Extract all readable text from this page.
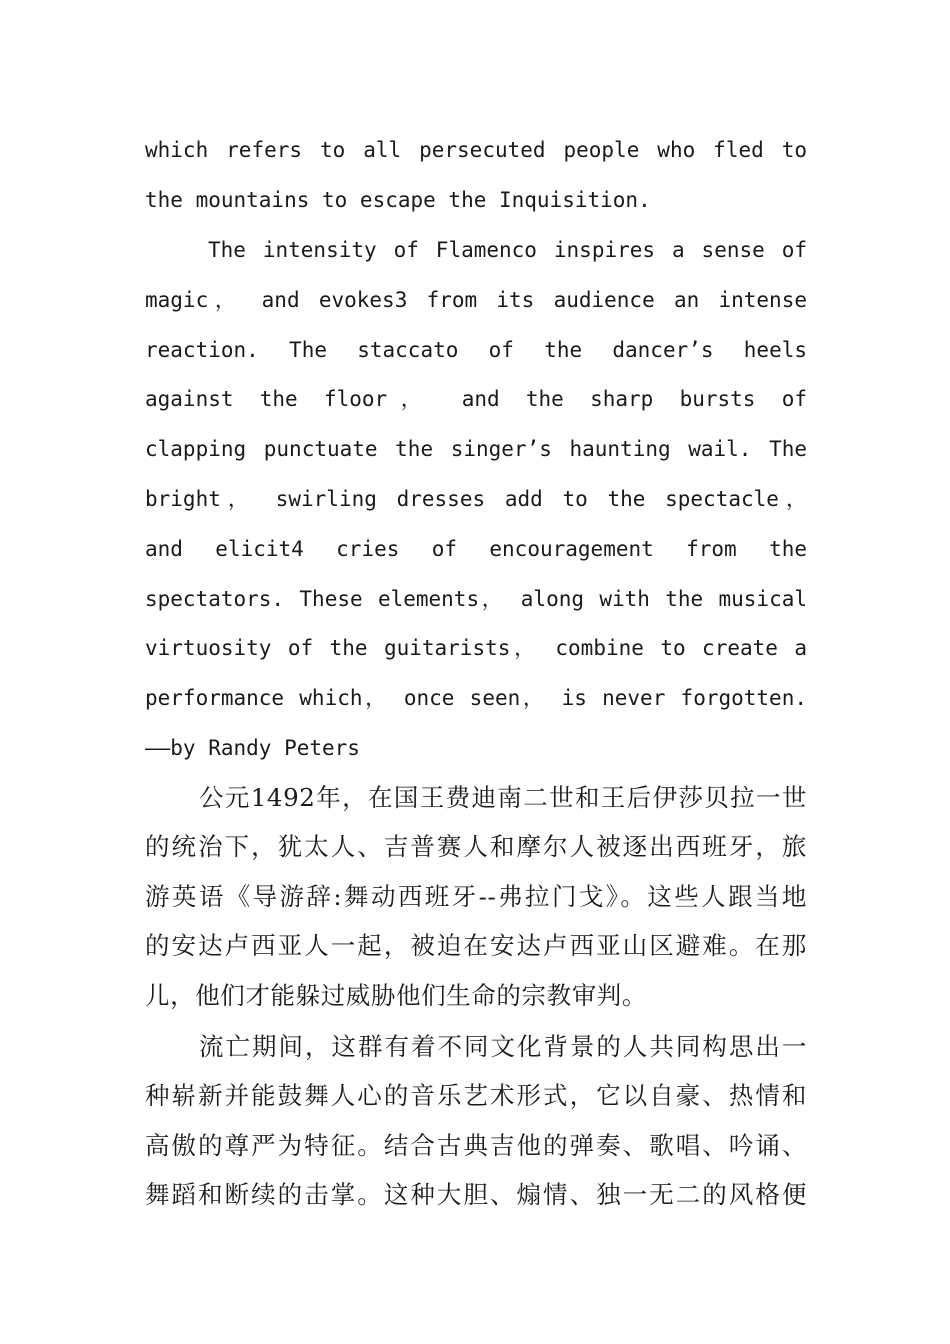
which refers to all persecuted people who fled to
the mountains to escape the Inquisition.
The intensity of Flamenco inspires a sense of
magic， and evokes3 from its audience an intense
reaction. The staccato of the dancer’s heels
against the floor， and the sharp bursts of
clapping punctuate the singer’s haunting wail. The
bright， swirling dresses add to the spectacle，
and elicit4 cries of encouragement from the
spectators. These elements， along with the musical
virtuosity of the guitarists， combine to create a
performance which， once seen， is never forgotten.
——by Randy Peters
公元1492年，在国王费迪南二世和王后伊莎贝拉一世
的统治下，犹太人、吉普赛人和摩尔人被逐出西班牙，旅
游英语《导游辞:舞动西班牙--弗拉门戈》。这些人跟当地
的安达卢西亚人一起，被迫在安达卢西亚山区避难。在那
儿，他们才能躲过威胁他们生命的宗教审判。
流亡期间，这群有着不同文化背景的人共同构思出一
种崭新并能鼓舞人心的音乐艺术形式，它以自豪、热情和
高傲的尊严为特征。结合古典吉他的弹奏、歌唱、吟诵、
舞蹈和断续的击掌。这种大胆、煽情、独一无二的风格便
